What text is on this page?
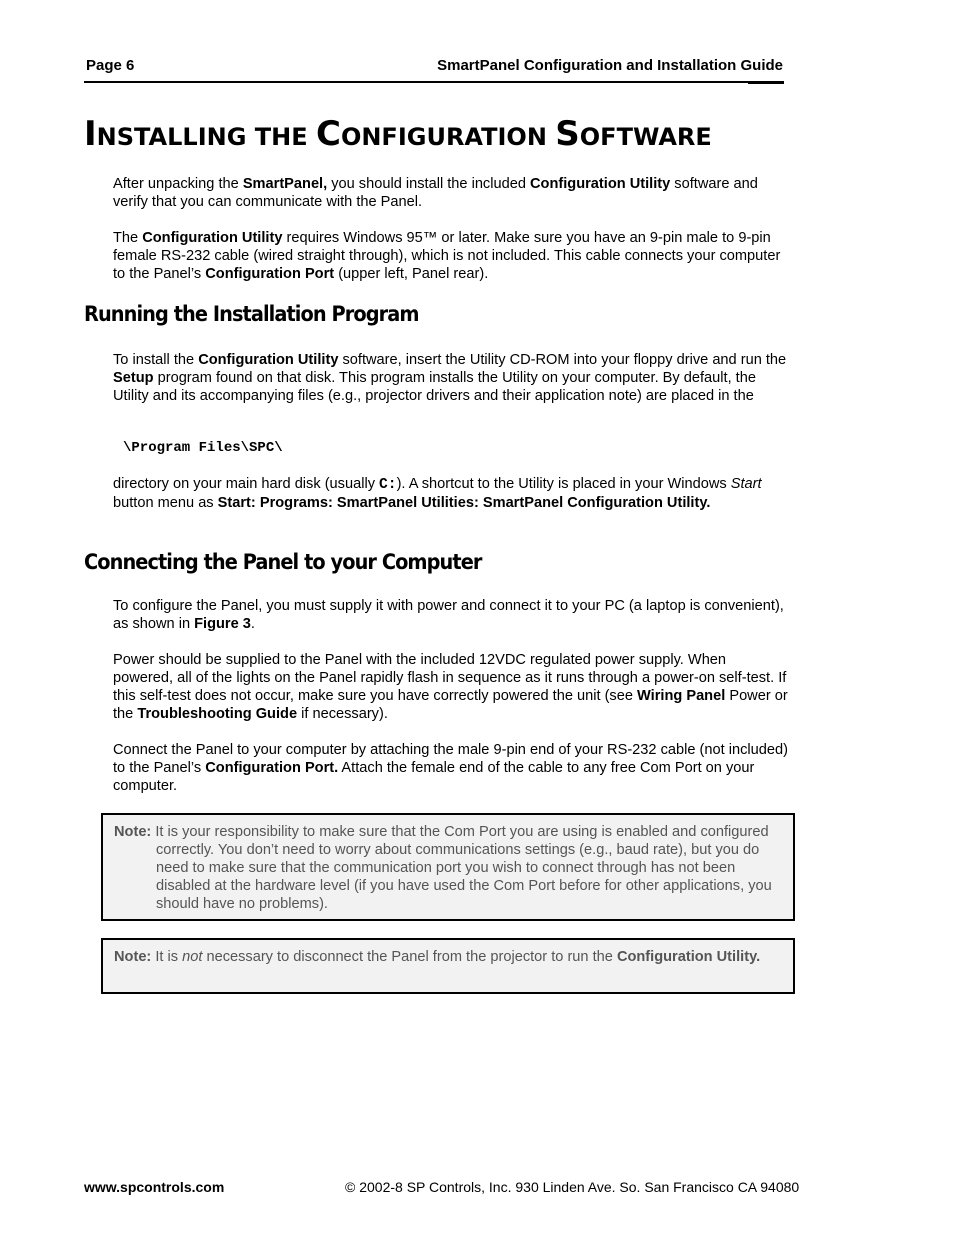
Page 6	SmartPanel Configuration and Installation Guide
INSTALLING THE CONFIGURATION SOFTWARE

After unpacking the SmartPanel, you should install the included Configuration Utility software and verify that you can communicate with the Panel.

The Configuration Utility requires Windows 95™ or later. Make sure you have an 9-pin male to 9-pin female RS-232 cable (wired straight through), which is not included. This cable connects your computer to the Panel’s Configuration Port (upper left, Panel rear).

Running the Installation Program

To install the Configuration Utility software, insert the Utility CD-ROM into your floppy drive and run the Setup program found on that disk. This program installs the Utility on your computer. By default, the Utility and its accompanying files (e.g., projector drivers and their application note) are placed in the

\Program Files\SPC\

directory on your main hard disk (usually C:). A shortcut to the Utility is placed in your Windows Start button menu as Start: Programs: SmartPanel Utilities: SmartPanel Configuration Utility.

Connecting the Panel to your Computer

To configure the Panel, you must supply it with power and connect it to your PC (a laptop is convenient), as shown in Figure 3.

Power should be supplied to the Panel with the included 12VDC regulated power supply. When powered, all of the lights on the Panel rapidly flash in sequence as it runs through a power-on self-test. If this self-test does not occur, make sure you have correctly powered the unit (see Wiring Panel Power or the Troubleshooting Guide if necessary).

Connect the Panel to your computer by attaching the male 9-pin end of your RS-232 cable (not included) to the Panel’s Configuration Port. Attach the female end of the cable to any free Com Port on your computer.

Note: It is your responsibility to make sure that the Com Port you are using is enabled and configured correctly. You don’t need to worry about communications settings (e.g., baud rate), but you do need to make sure that the communication port you wish to connect through has not been disabled at the hardware level (if you have used the Com Port before for other applications, you should have no problems).

Note: It is not necessary to disconnect the Panel from the projector to run the Configuration Utility.

www.spcontrols.com	© 2002-8 SP Controls, Inc. 930 Linden Ave. So. San Francisco CA 94080
